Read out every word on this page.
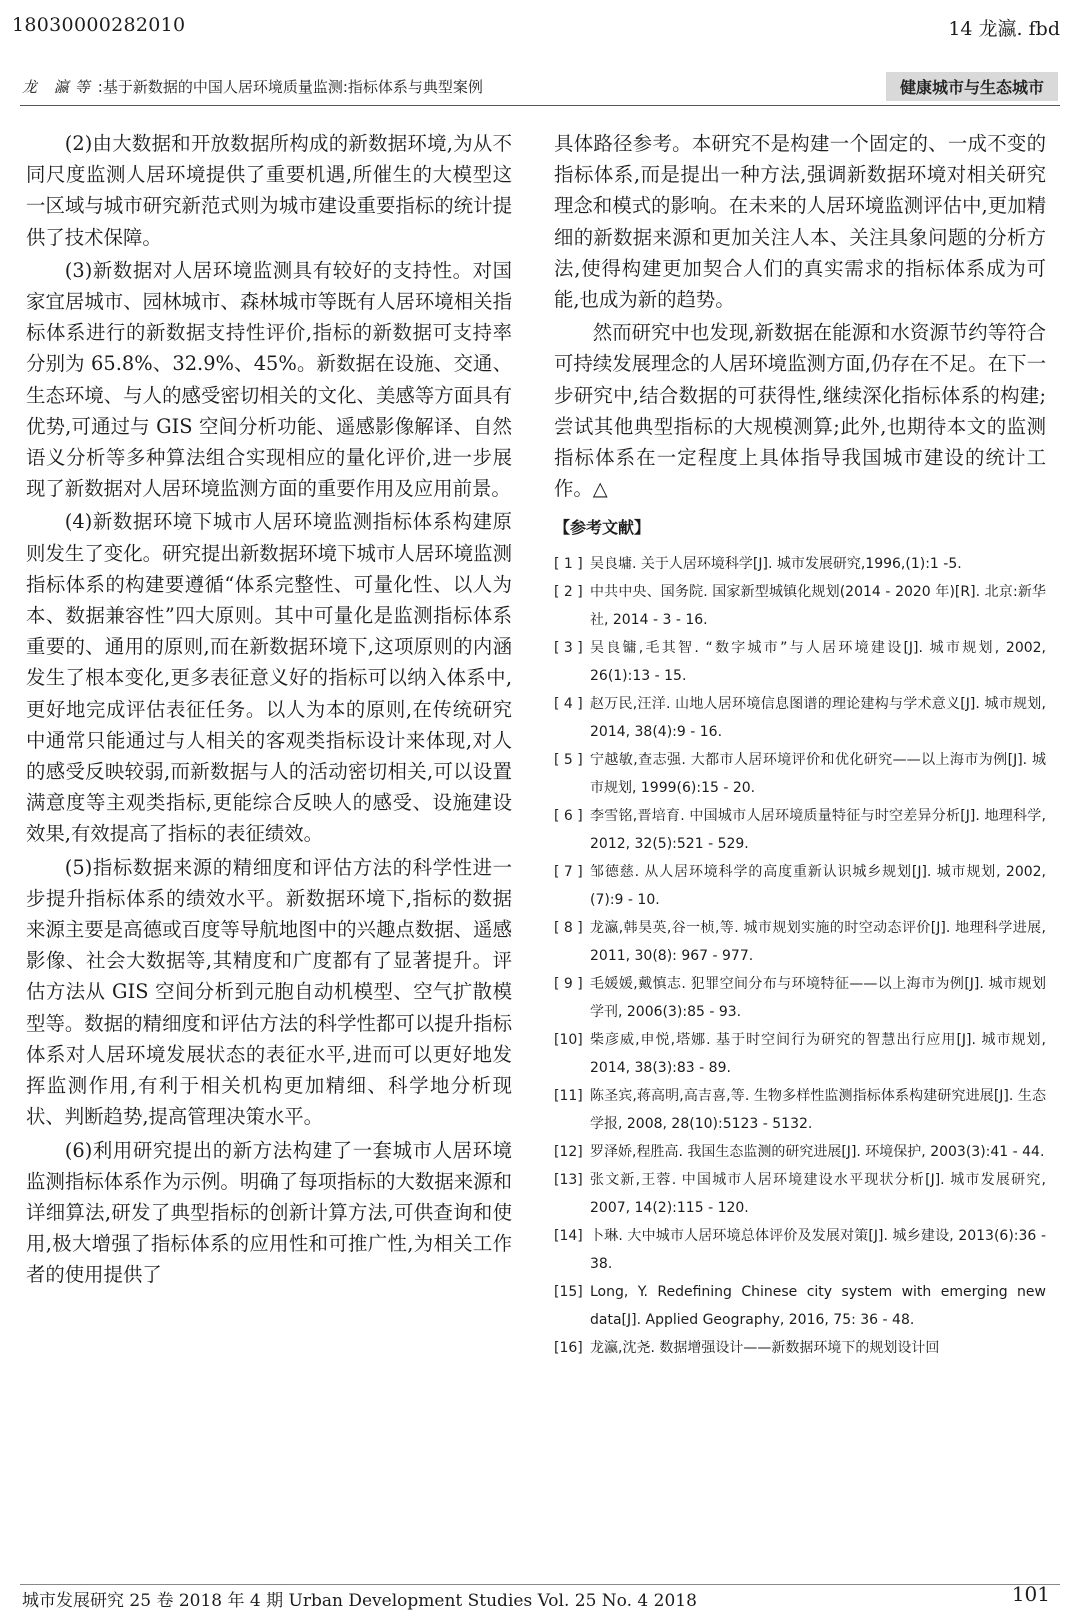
18030000282010	14 龙瀛. fbd
龙 瀛等 :基于新数据的中国人居环境质量监测:指标体系与典型案例	健康城市与生态城市

(2)由大数据和开放数据所构成的新数据环境,为从不同尺度监测人居环境提供了重要机遇,所催生的大模型这一区域与城市研究新范式则为城市建设重要指标的统计提供了技术保障。

(3)新数据对人居环境监测具有较好的支持性。对国家宜居城市、园林城市、森林城市等既有人居环境相关指标体系进行的新数据支持性评价,指标的新数据可支持率分别为 65.8%、32.9%、45%。新数据在设施、交通、生态环境、与人的感受密切相关的文化、美感等方面具有优势,可通过与 GIS 空间分析功能、遥感影像解译、自然语义分析等多种算法组合实现相应的量化评价,进一步展现了新数据对人居环境监测方面的重要作用及应用前景。

(4)新数据环境下城市人居环境监测指标体系构建原则发生了变化。研究提出新数据环境下城市人居环境监测指标体系的构建要遵循“体系完整性、可量化性、以人为本、数据兼容性”四大原则。其中可量化是监测指标体系重要的、通用的原则,而在新数据环境下,这项原则的内涵发生了根本变化,更多表征意义好的指标可以纳入体系中,更好地完成评估表征任务。以人为本的原则,在传统研究中通常只能通过与人相关的客观类指标设计来体现,对人的感受反映较弱,而新数据与人的活动密切相关,可以设置满意度等主观类指标,更能综合反映人的感受、设施建设效果,有效提高了指标的表征绩效。

(5)指标数据来源的精细度和评估方法的科学性进一步提升指标体系的绩效水平。新数据环境下,指标的数据来源主要是高德或百度等导航地图中的兴趣点数据、遥感影像、社会大数据等,其精度和广度都有了显著提升。评估方法从 GIS 空间分析到元胞自动机模型、空气扩散模型等。数据的精细度和评估方法的科学性都可以提升指标体系对人居环境发展状态的表征水平,进而可以更好地发挥监测作用,有利于相关机构更加精细、科学地分析现状、判断趋势,提高管理决策水平。

(6)利用研究提出的新方法构建了一套城市人居环境监测指标体系作为示例。明确了每项指标的大数据来源和详细算法,研发了典型指标的创新计算方法,可供查询和使用,极大增强了指标体系的应用性和可推广性,为相关工作者的使用提供了

具体路径参考。本研究不是构建一个固定的、一成不变的指标体系,而是提出一种方法,强调新数据环境对相关研究理念和模式的影响。在未来的人居环境监测评估中,更加精细的新数据来源和更加关注人本、关注具象问题的分析方法,使得构建更加契合人们的真实需求的指标体系成为可能,也成为新的趋势。

然而研究中也发现,新数据在能源和水资源节约等符合可持续发展理念的人居环境监测方面,仍存在不足。在下一步研究中,结合数据的可获得性,继续深化指标体系的构建;尝试其他典型指标的大规模测算;此外,也期待本文的监测指标体系在一定程度上具体指导我国城市建设的统计工作。△

【参考文献】
[ 1 ] 吴良墉. 关于人居环境科学[J]. 城市发展研究,1996,(1):1 -5.
[ 2 ] 中共中央、国务院. 国家新型城镇化规划(2014 - 2020 年)[R]. 北京:新华社, 2014 - 3 - 16.
[ 3 ] 吴良镛,毛其智. “数字城市”与人居环境建设[J]. 城市规划, 2002, 26(1):13 - 15.
[ 4 ] 赵万民,汪洋. 山地人居环境信息图谱的理论建构与学术意义[J]. 城市规划, 2014, 38(4):9 - 16.
[ 5 ] 宁越敏,查志强. 大都市人居环境评价和优化研究——以上海市为例[J]. 城市规划, 1999(6):15 - 20.
[ 6 ] 李雪铭,晋培育. 中国城市人居环境质量特征与时空差异分析[J]. 地理科学, 2012, 32(5):521 - 529.
[ 7 ] 邹德慈. 从人居环境科学的高度重新认识城乡规划[J]. 城市规划, 2002, (7):9 - 10.
[ 8 ] 龙瀛,韩昊英,谷一桢,等. 城市规划实施的时空动态评价[J]. 地理科学进展, 2011, 30(8): 967 - 977.
[ 9 ] 毛媛媛,戴慎志. 犯罪空间分布与环境特征——以上海市为例[J]. 城市规划学刊, 2006(3):85 - 93.
[10] 柴彦威,申悦,塔娜. 基于时空间行为研究的智慧出行应用[J]. 城市规划, 2014, 38(3):83 - 89.
[11] 陈圣宾,蒋高明,高吉喜,等. 生物多样性监测指标体系构建研究进展[J]. 生态学报, 2008, 28(10):5123 - 5132.
[12] 罗泽娇,程胜高. 我国生态监测的研究进展[J]. 环境保护, 2003(3):41 - 44.
[13] 张文新,王蓉. 中国城市人居环境建设水平现状分析[J]. 城市发展研究, 2007, 14(2):115 - 120.
[14] 卜琳. 大中城市人居环境总体评价及发展对策[J]. 城乡建设, 2013(6):36 - 38.
[15] Long, Y. Redefining Chinese city system with emerging new data[J]. Applied Geography, 2016, 75: 36 - 48.
[16] 龙瀛,沈尧. 数据增强设计——新数据环境下的规划设计回
城市发展研究 25 卷 2018 年 4 期 Urban Development Studies Vol. 25 No. 4 2018	101
